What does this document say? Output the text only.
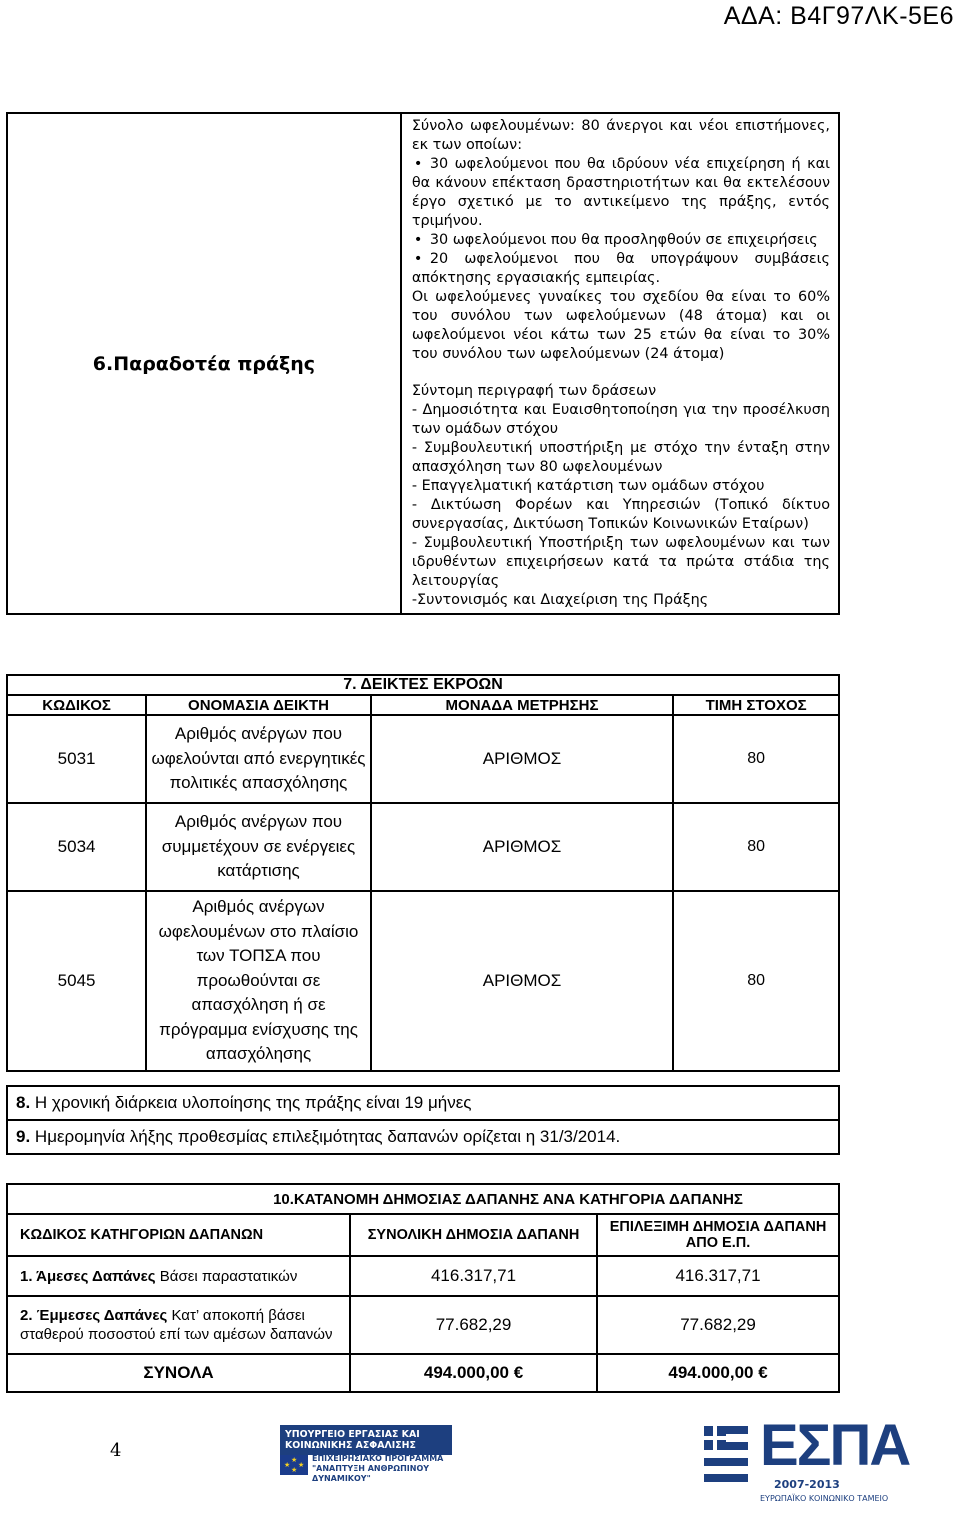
ΑΔΑ: Β4Γ97ΛΚ-5Ε6
6.Παραδοτέα πράξης	

Σύνολο ωφελουμένων: 80 άνεργοι και νέοι επιστήμονες, εκ των οποίων:

• 30 ωφελούμενοι που θα ιδρύουν νέα επιχείρηση ή και θα κάνουν επέκταση δραστηριοτήτων και θα εκτελέσουν έργο σχετικό με το αντικείμενο της πράξης, εντός τριμήνου.

• 30 ωφελούμενοι που θα προσληφθούν σε επιχειρήσεις

• 20 ωφελούμενοι που θα υπογράψουν συμβάσεις απόκτησης εργασιακής εμπειρίας.

Οι ωφελούμενες γυναίκες του σχεδίου θα είναι το 60% του συνόλου των ωφελούμενων (48 άτομα) και οι ωφελούμενοι νέοι κάτω των 25 ετών θα είναι το 30% του συνόλου των ωφελούμενων (24 άτομα)

Σύντομη περιγραφή των δράσεων

- Δημοσιότητα και Ευαισθητοποίηση για την προσέλκυση των ομάδων στόχου

- Συμβουλευτική υποστήριξη με στόχο την ένταξη στην απασχόληση των 80 ωφελουμένων

- Επαγγελματική κατάρτιση των ομάδων στόχου

- Δικτύωση Φορέων και Υπηρεσιών (Τοπικό δίκτυο συνεργασίας, Δικτύωση Τοπικών Κοινωνικών Εταίρων)

- Συμβουλευτική Υποστήριξη των ωφελουμένων και των ιδρυθέντων επιχειρήσεων κατά τα πρώτα στάδια της λειτουργίας

-Συντονισμός και Διαχείριση της Πράξης

7. ΔΕΙΚΤΕΣ ΕΚΡΟΩΝ			
ΚΩΔΙΚΟΣ	ΟΝΟΜΑΣΙΑ ΔΕΙΚΤΗ	ΜΟΝΑΔΑ ΜΕΤΡΗΣΗΣ	ΤΙΜΗ ΣΤΟΧΟΣ
5031	Αριθμός ανέργων που ωφελούνται από ενεργητικές πολιτικές απασχόλησης	ΑΡΙΘΜΟΣ	80
5034	Αριθμός ανέργων που συμμετέχουν σε ενέργειες κατάρτισης	ΑΡΙΘΜΟΣ	80
5045	Αριθμός ανέργων ωφελουμένων στο πλαίσιο των ΤΟΠΣΑ που προωθούνται σε απασχόληση ή σε πρόγραμμα ενίσχυσης της απασχόλησης	ΑΡΙΘΜΟΣ	80
8. Η χρονική διάρκεια υλοποίησης της πράξης είναι 19 μήνες
9. Ημερομηνία λήξης προθεσμίας επιλεξιμότητας δαπανών ορίζεται η 31/3/2014.
10.ΚΑΤΑΝΟΜΗ ΔΗΜΟΣΙΑΣ ΔΑΠΑΝΗΣ ΑΝΑ ΚΑΤΗΓΟΡΙΑ ΔΑΠΑΝΗΣ		
ΚΩΔΙΚΟΣ ΚΑΤΗΓΟΡΙΩΝ ΔΑΠΑΝΩΝ	ΣΥΝΟΛΙΚΗ ΔΗΜΟΣΙΑ ΔΑΠΑΝΗ	ΕΠΙΛΕΞΙΜΗ ΔΗΜΟΣΙΑ ΔΑΠΑΝΗ ΑΠΟ Ε.Π.
1. Άμεσες Δαπάνες Βάσει παραστατικών	416.317,71	416.317,71
2. Έμμεσες Δαπάνες Κατ’ αποκοπή βάσει σταθερού ποσοστού επί των αμέσων δαπανών	77.682,29	77.682,29
ΣΥΝΟΛΑ	494.000,00 €	494.000,00 €
4
ΥΠΟΥΡΓΕΙΟ ΕΡΓΑΣΙΑΣ ΚΑΙ ΚΟΙΝΩΝΙΚΗΣ ΑΣΦΑΛΙΣΗΣ
★
★ ★
★
ΕΠΙΧΕΙΡΗΣΙΑΚΟ ΠΡΟΓΡΑΜΜΑ
"ΑΝΑΠΤΥΞΗ ΑΝΘΡΩΠΙΝΟΥ ΔΥΝΑΜΙΚΟΥ"
ΕΣΠΑ
2007-2013
ΕΥΡΩΠΑΪΚΟ ΚΟΙΝΩΝΙΚΟ ΤΑΜΕΙΟ
